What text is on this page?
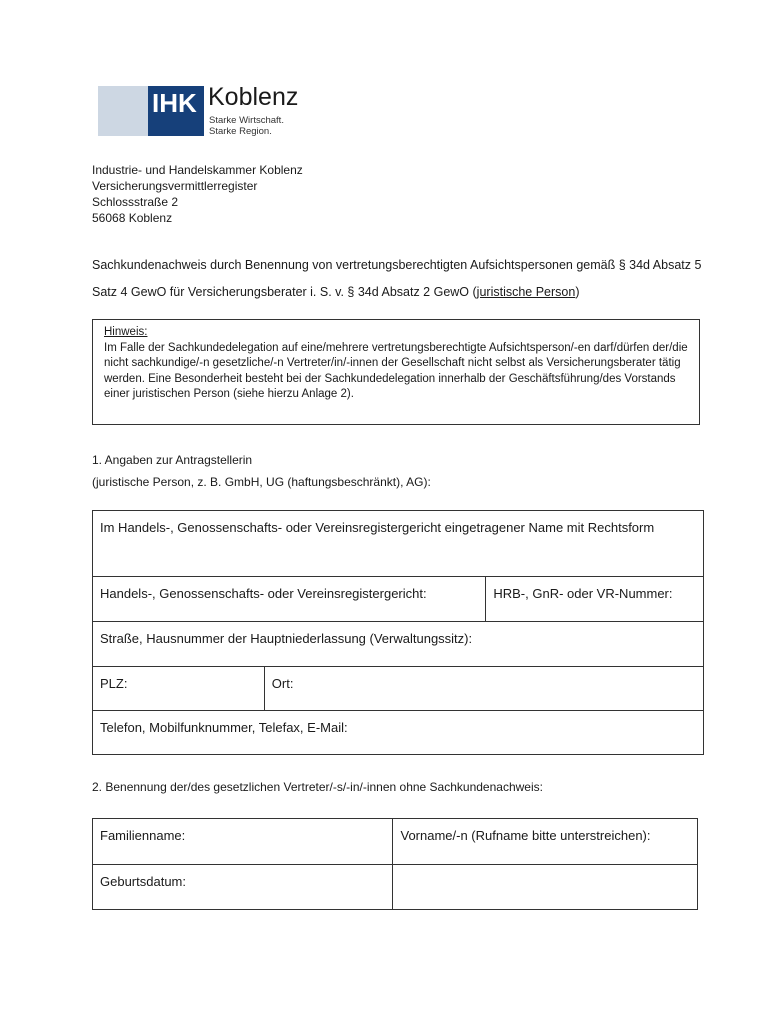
IHK Koblenz
Starke Wirtschaft.
Starke Region.
Industrie- und Handelskammer Koblenz
Versicherungsvermittlerregister
Schlossstraße 2
56068 Koblenz
Sachkundenachweis durch Benennung von vertretungsberechtigten Aufsichtspersonen gemäß § 34d Absatz 5 Satz 4 GewO für Versicherungsberater i. S. v. § 34d Absatz 2 GewO (juristische Person)
Hinweis:
Im Falle der Sachkundedelegation auf eine/mehrere vertretungsberechtigte Aufsichtsperson/-en darf/dürfen der/die nicht sachkundige/-n gesetzliche/-n Vertreter/in/-innen der Gesellschaft nicht selbst als Versicherungsberater tätig werden. Eine Besonderheit besteht bei der Sachkundedelegation innerhalb der Geschäftsführung/des Vorstands einer juristischen Person (siehe hierzu Anlage 2).
1. Angaben zur Antragstellerin
(juristische Person, z. B. GmbH, UG (haftungsbeschränkt), AG):
Im Handels-, Genossenschafts- oder Vereinsregistergericht eingetragener Name mit Rechtsform		
Handels-, Genossenschafts- oder Vereinsregistergericht:		HRB-, GnR- oder VR-Nummer:
Straße, Hausnummer der Hauptniederlassung (Verwaltungssitz):		
PLZ:	Ort:	
Telefon, Mobilfunknummer, Telefax, E-Mail:		
2. Benennung der/des gesetzlichen Vertreter/-s/-in/-innen ohne Sachkundenachweis:
Familienname:	Vorname/-n (Rufname bitte unterstreichen):
Geburtsdatum:	
